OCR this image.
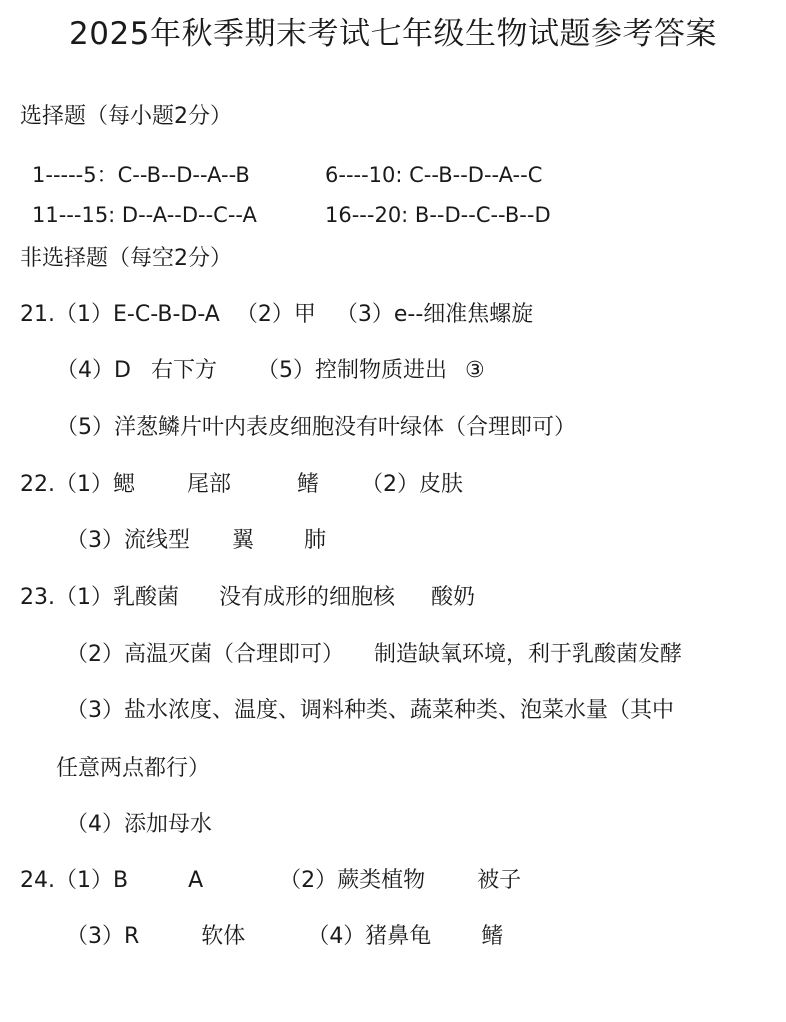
2025年秋季期末考试七年级生物试题参考答案
选择题（每小题2分）
1-----5：C--B--D--A--B	6----10: C--B--D--A--C
11---15: D--A--D--C--A	16---20: B--D--C--B--D
非选择题（每空2分）
21.（1）E-C-B-D-A （2）甲 （3）e--细准焦螺旋
（4）D 右下方 （5）控制物质进出 ③
（5）洋葱鳞片叶内表皮细胞没有叶绿体（合理即可）
22.（1）鳃 尾部	鳍 （2）皮肤
（3）流线型 翼 肺
23.（1）乳酸菌 没有成形的细胞核 酸奶
（2）高温灭菌（合理即可） 制造缺氧环境，利于乳酸菌发酵
（3）盐水浓度、温度、调料种类、蔬菜种类、泡菜水量（其中
任意两点都行）
（4）添加母水
24.（1）B	A	（2）蕨类植物 被子
（3）R	软体	（4）猪鼻龟 鳍
